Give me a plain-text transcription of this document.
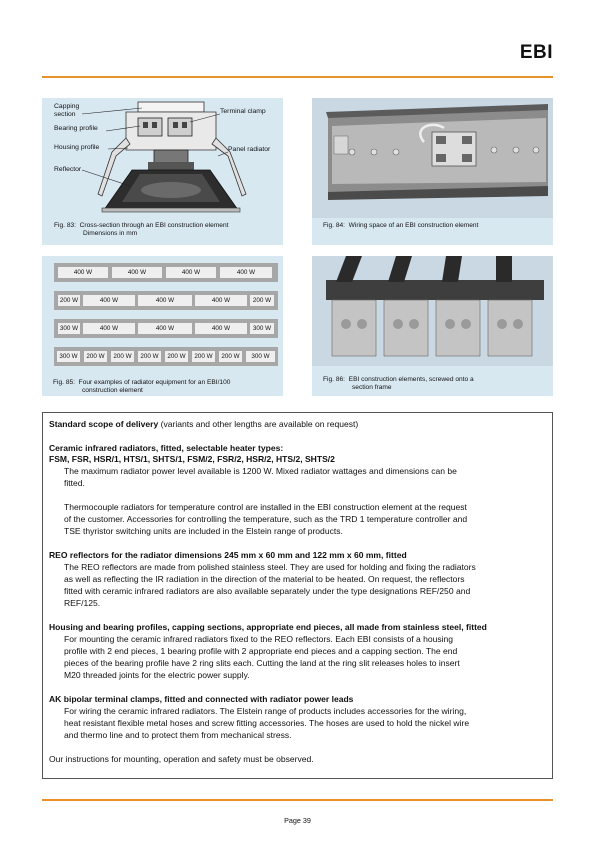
EBI
Capping section
Bearing profile
Housing profile
Reflector
Terminal clamp
Panel radiator
Fig. 83: Cross-section through an EBI construction element
Dimensions in mm
Fig. 84: Wiring space of an EBI construction element
400 W	400 W	400 W	400 W
200 W	400 W	400 W	400 W	200 W
300 W	400 W	400 W	400 W	300 W
300 W	200 W	200 W	200 W	200 W	200 W	200 W	300 W
Fig. 85: Four examples of radiator equipment for an EBI/100
construction element
Fig. 86: EBI construction elements, screwed onto a
section frame
Standard scope of delivery (variants and other lengths are available on request)
Ceramic infrared radiators, fitted, selectable heater types:
FSM, FSR, HSR/1, HTS/1, SHTS/1, FSM/2, FSR/2, HSR/2, HTS/2, SHTS/2
The maximum radiator power level available is 1200 W. Mixed radiator wattages and dimensions can be
fitted.
Thermocouple radiators for temperature control are installed in the EBI construction element at the request
of the customer. Accessories for controlling the temperature, such as the TRD 1 temperature controller and
TSE thyristor switching units are included in the Elstein range of products.
REO reflectors for the radiator dimensions 245 mm x 60 mm and 122 mm x 60 mm, fitted
The REO reflectors are made from polished stainless steel. They are used for holding and fixing the radiators
as well as reflecting the IR radiation in the direction of the material to be heated. On request, the reflectors
fitted with ceramic infrared radiators are also available separately under the type designations REF/250 and
REF/125.
Housing and bearing profiles, capping sections, appropriate end pieces, all made from stainless steel, fitted
For mounting the ceramic infrared radiators fixed to the REO reflectors. Each EBI consists of a housing
profile with 2 end pieces, 1 bearing profile with 2 appropriate end pieces and a capping section. The end
pieces of the bearing profile have 2 ring slits each. Cutting the land at the ring slit releases holes to insert
M20 threaded joints for the electric power supply.
AK bipolar terminal clamps, fitted and connected with radiator power leads
For wiring the ceramic infrared radiators. The Elstein range of products includes accessories for the wiring,
heat resistant flexible metal hoses and screw fitting accessories. The hoses are used to hold the nickel wire
and thermo line and to protect them from mechanical stress.
Our instructions for mounting, operation and safety must be observed.
Page 39
